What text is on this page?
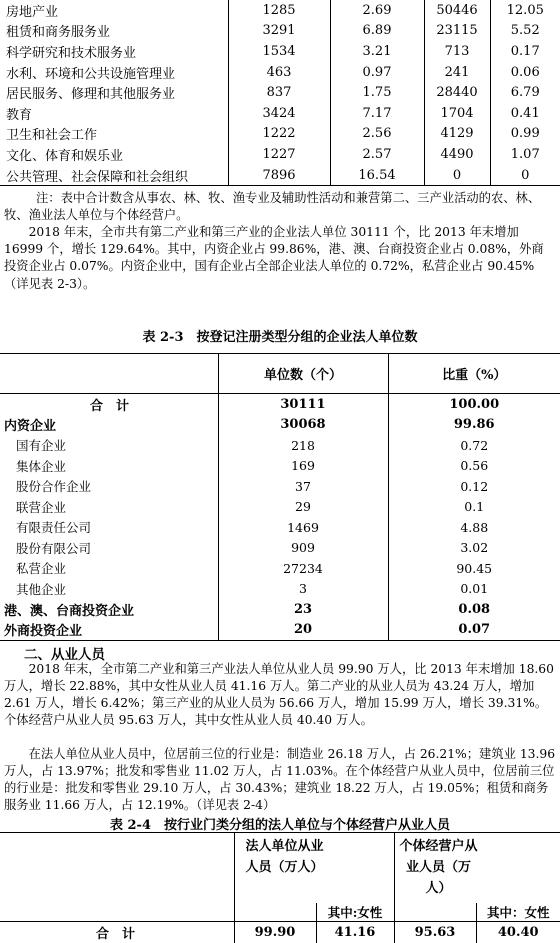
房地产业	1285	2.69	50446	12.05
租赁和商务服务业	3291	6.89	23115	5.52
科学研究和技术服务业	1534	3.21	713	0.17
水利、环境和公共设施管理业	463	0.97	241	0.06
居民服务、修理和其他服务业	837	1.75	28440	6.79
教育	3424	7.17	1704	0.41
卫生和社会工作	1222	2.56	4129	0.99
文化、体育和娱乐业	1227	2.57	4490	1.07
公共管理、社会保障和社会组织	7896	16.54	0	0
注：表中合计数含从事农、林、牧、渔专业及辅助性活动和兼营第二、三产业活动的农、林、牧、渔业法人单位与个体经营户。
2018 年末，全市共有第二产业和第三产业的企业法人单位 30111 个，比 2013 年末增加 16999 个，增长 129.64%。其中，内资企业占 99.86%，港、澳、台商投资企业占 0.08%，外商投资企业占 0.07%。内资企业中，国有企业占全部企业法人单位的 0.72%，私营企业占 90.45%（详见表 2-3）。
表 2-3　按登记注册类型分组的企业法人单位数
	单位数（个）	比重（%）
合　计	30111	100.00
内资企业	30068	99.86
国有企业	218	0.72
集体企业	169	0.56
股份合作企业	37	0.12
联营企业	29	0.1
有限责任公司	1469	4.88
股份有限公司	909	3.02
私营企业	27234	90.45
其他企业	3	0.01
港、澳、台商投资企业	23	0.08
外商投资企业	20	0.07
二、从业人员
2018 年末，全市第二产业和第三产业法人单位从业人员 99.90 万人，比 2013 年末增加 18.60 万人，增长 22.88%，其中女性从业人员 41.16 万人。第二产业的从业人员为 43.24 万人，增加 2.61 万人，增长 6.42%；第三产业的从业人员为 56.66 万人，增加 15.99 万人，增长 39.31%。个体经营户从业人员 95.63 万人，其中女性从业人员 40.40 万人。
在法人单位从业人员中，位居前三位的行业是：制造业 26.18 万人，占 26.21%；建筑业 13.96 万人，占 13.97%；批发和零售业 11.02 万人，占 11.03%。在个体经营户从业人员中，位居前三位的行业是：批发和零售业 29.10 万人，占 30.43%；建筑业 18.22 万人，占 19.05%；租赁和商务服务业 11.66 万人，占 12.19%。（详见表 2-4）
表 2-4　按行业门类分组的法人单位与个体经营户从业人员

	法人单位从业人员（万人）		个体经营户从业人员（万人）	

		其中:女性		其中：女性
合　计	99.90	41.16	95.63	40.40
